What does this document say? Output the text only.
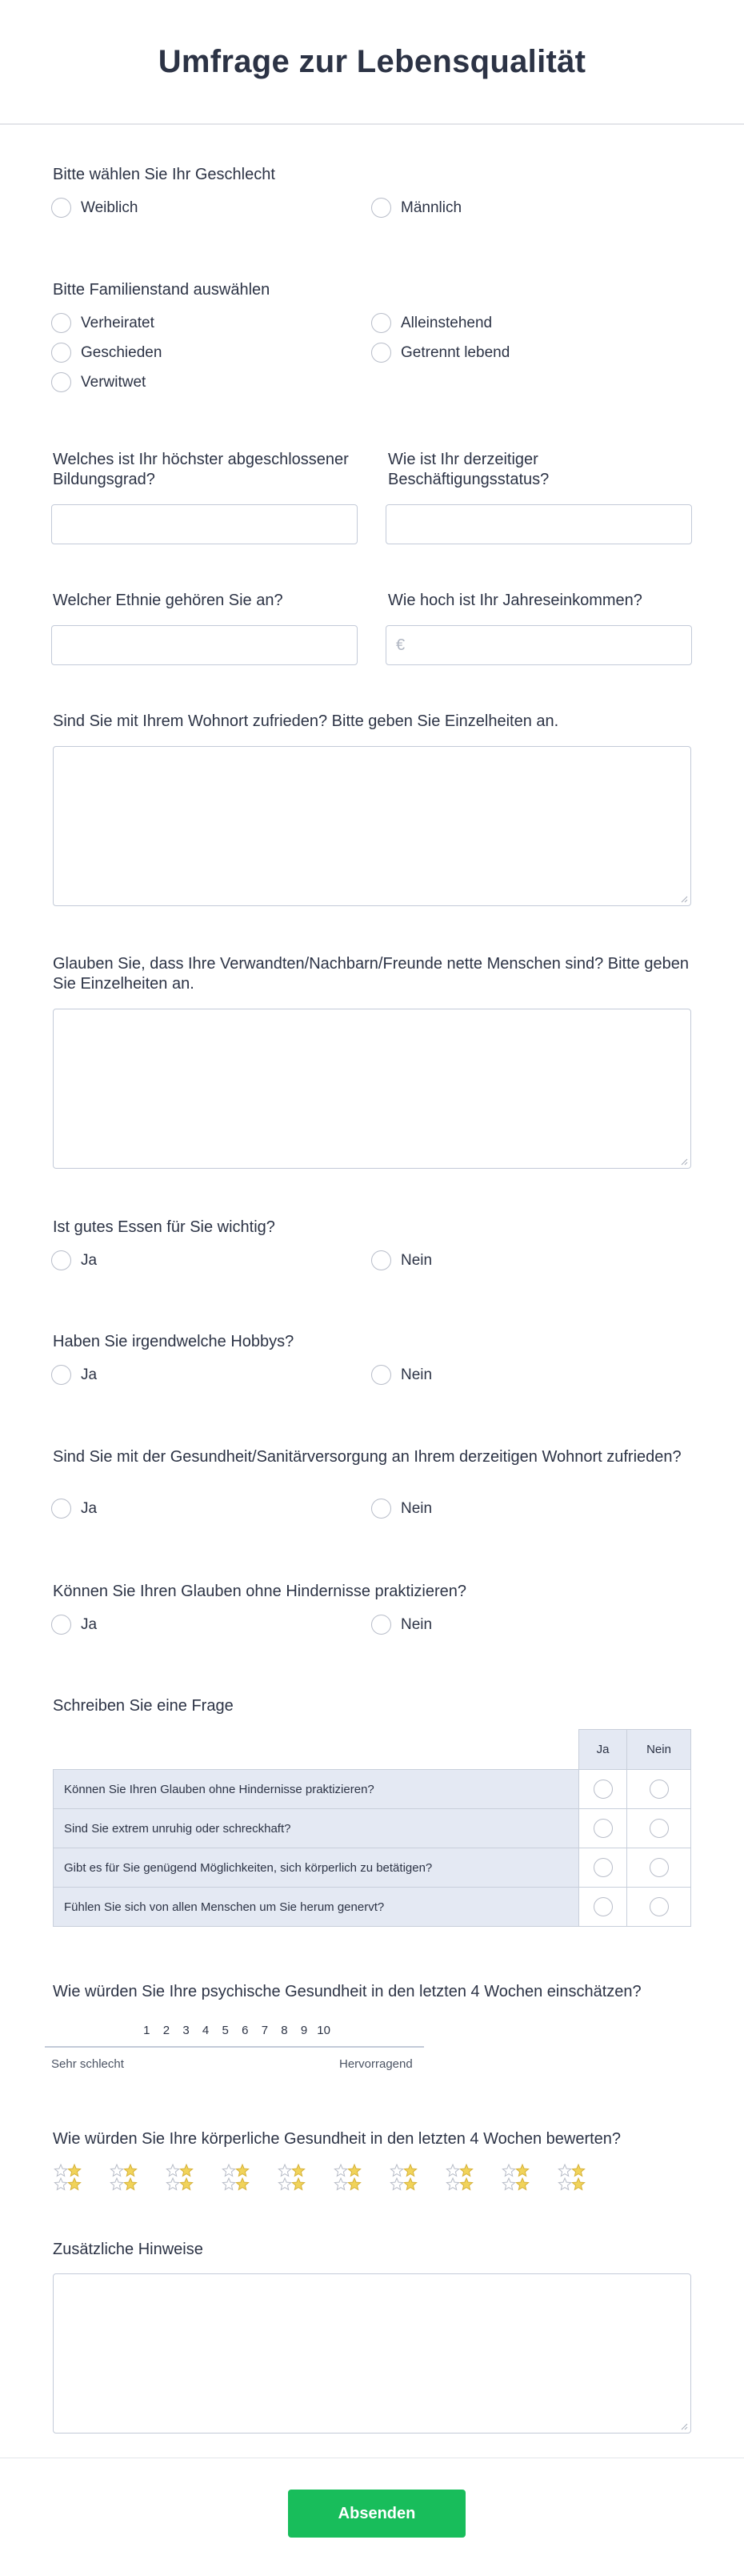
Umfrage zur Lebensqualität
Bitte wählen Sie Ihr Geschlecht
Weiblich	Männlich
Bitte Familienstand auswählen
Verheiratet	Alleinstehend
Geschieden	Getrennt lebend
Verwitwet
Welches ist Ihr höchster abgeschlossener Bildungsgrad?
Wie ist Ihr derzeitiger Beschäftigungsstatus?
Welcher Ethnie gehören Sie an?	Wie hoch ist Ihr Jahreseinkommen?
€
Sind Sie mit Ihrem Wohnort zufrieden? Bitte geben Sie Einzelheiten an.
Glauben Sie, dass Ihre Verwandten/Nachbarn/Freunde nette Menschen sind? Bitte geben Sie Einzelheiten an.
Ist gutes Essen für Sie wichtig?
Ja	Nein
Haben Sie irgendwelche Hobbys?
Ja	Nein
Sind Sie mit der Gesundheit/Sanitärversorgung an Ihrem derzeitigen Wohnort zufrieden?
Ja	Nein
Können Sie Ihren Glauben ohne Hindernisse praktizieren?
Ja	Nein
Schreiben Sie eine Frage
	Ja	Nein
Können Sie Ihren Glauben ohne Hindernisse praktizieren?		
Sind Sie extrem unruhig oder schreckhaft?		
Gibt es für Sie genügend Möglichkeiten, sich körperlich zu betätigen?		
Fühlen Sie sich von allen Menschen um Sie herum genervt?		
Wie würden Sie Ihre psychische Gesundheit in den letzten 4 Wochen einschätzen?
1	2	3	4	5	6	7	8	9 10
Sehr schlecht	Hervorragend
Wie würden Sie Ihre körperliche Gesundheit in den letzten 4 Wochen bewerten?
Zusätzliche Hinweise
Absenden
